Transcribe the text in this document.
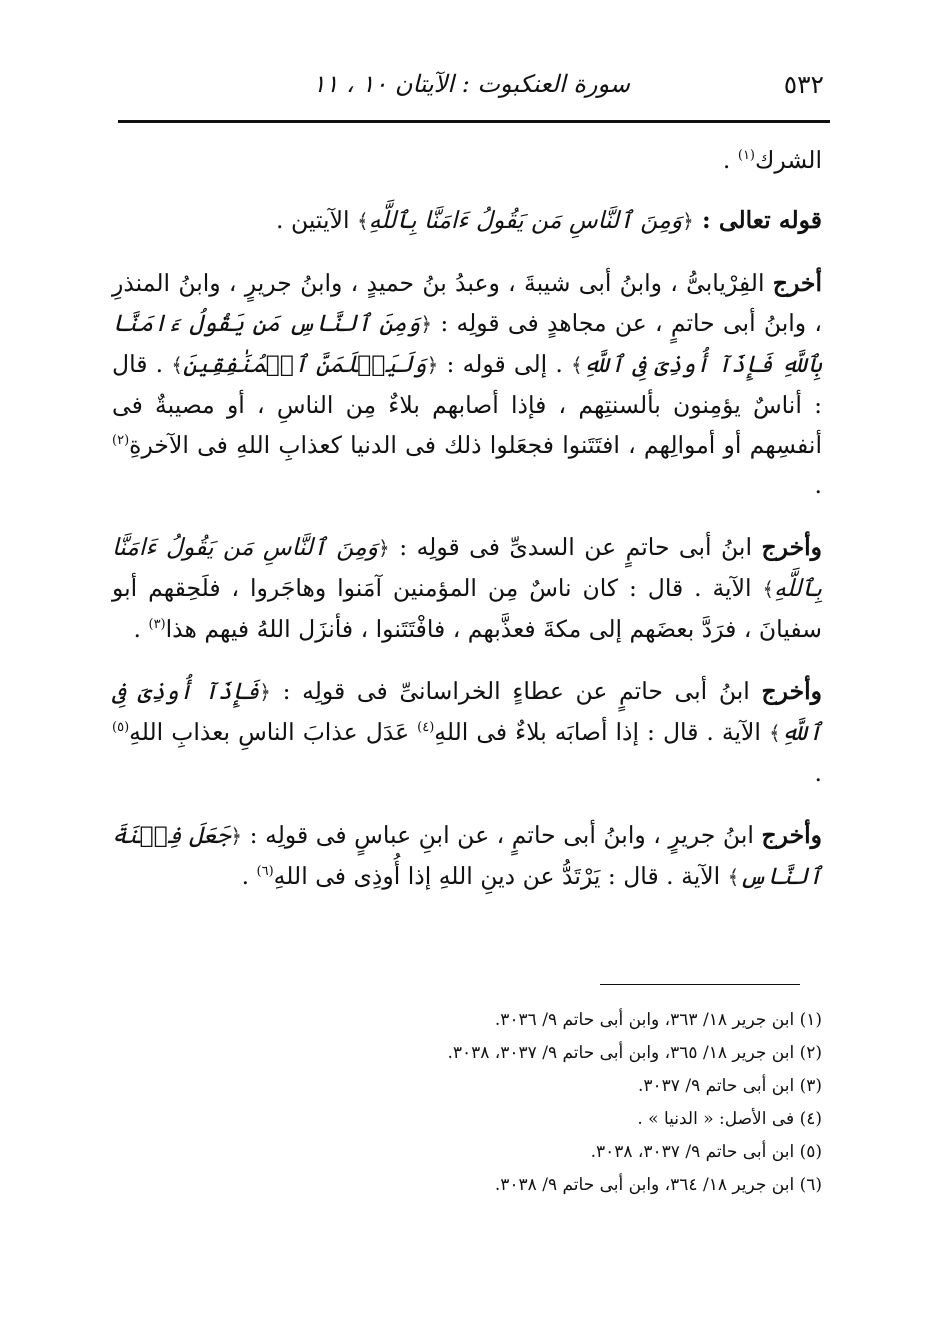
٥٣٢
سورة العنكبوت : الآيتان ١٠ ، ١١

الشرك$^{(١)}$ .

قوله تعالى : ﴿وَمِنَ ٱلنَّاسِ مَن يَقُولُ ءَامَنَّا بِٱللَّهِ﴾ الآيتين .

أخرج الفِرْيابىُّ ، وابنُ أبى شيبةَ ، وعبدُ بنُ حميدٍ ، وابنُ جريرٍ ، وابنُ المنذرِ ، وابنُ أبى حاتمٍ ، عن مجاهدٍ فى قولِه : ﴿وَمِنَ ٱلنَّاسِ مَن يَقُولُ ءَامَنَّا بِٱللَّهِ فَإِذَآ أُوذِىَ فِى ٱللَّهِ﴾ . إلى قوله : ﴿وَلَيَعۡلَمَنَّ ٱلۡمُنَٰفِقِينَ﴾ . قال : أناسٌ يؤمِنون بألسنتِهم ، فإذا أصابهم بلاءٌ مِن الناسِ ، أو مصيبةٌ فى أنفسِهم أو أموالِهم ، افتَتَنوا فجعَلوا ذلك فى الدنيا كعذابِ اللهِ فى الآخرةِ$^{(٢)}$ .

وأخرج ابنُ أبى حاتمٍ عن السدىِّ فى قولِه : ﴿وَمِنَ ٱلنَّاسِ مَن يَقُولُ ءَامَنَّا بِٱللَّهِ﴾ الآية . قال : كان ناسٌ مِن المؤمنين آمَنوا وهاجَروا ، فلَحِقهم أبو سفيانَ ، فرَدَّ بعضَهم إلى مكةَ فعذَّبهم ، فافْتَتَنوا ، فأنزَل اللهُ فيهم هذا$^{(٣)}$ .

وأخرج ابنُ أبى حاتمٍ عن عطاءٍ الخراسانىِّ فى قولِه : ﴿فَإِذَآ أُوذِىَ فِى ٱللَّهِ﴾ الآية . قال : إذا أصابَه بلاءٌ فى اللهِ$^{(٤)}$ عَدَل عذابَ الناسِ بعذابِ اللهِ$^{(٥)}$ .

وأخرج ابنُ جريرٍ ، وابنُ أبى حاتمٍ ، عن ابنِ عباسٍ فى قولِه : ﴿جَعَلَ فِتۡنَةَ ٱلنَّاسِ﴾ الآية . قال : يَرْتَدُّ عن دينِ اللهِ إذا أُوذِى فى اللهِ$^{(٦)}$ .

(١) ابن جرير ١٨/ ٣٦٣، وابن أبى حاتم ٩/ ٣٠٣٦.
(٢) ابن جرير ١٨/ ٣٦٥، وابن أبى حاتم ٩/ ٣٠٣٧، ٣٠٣٨.
(٣) ابن أبى حاتم ٩/ ٣٠٣٧.
(٤) فى الأصل: « الدنيا » .
(٥) ابن أبى حاتم ٩/ ٣٠٣٧، ٣٠٣٨.
(٦) ابن جرير ١٨/ ٣٦٤، وابن أبى حاتم ٩/ ٣٠٣٨.
